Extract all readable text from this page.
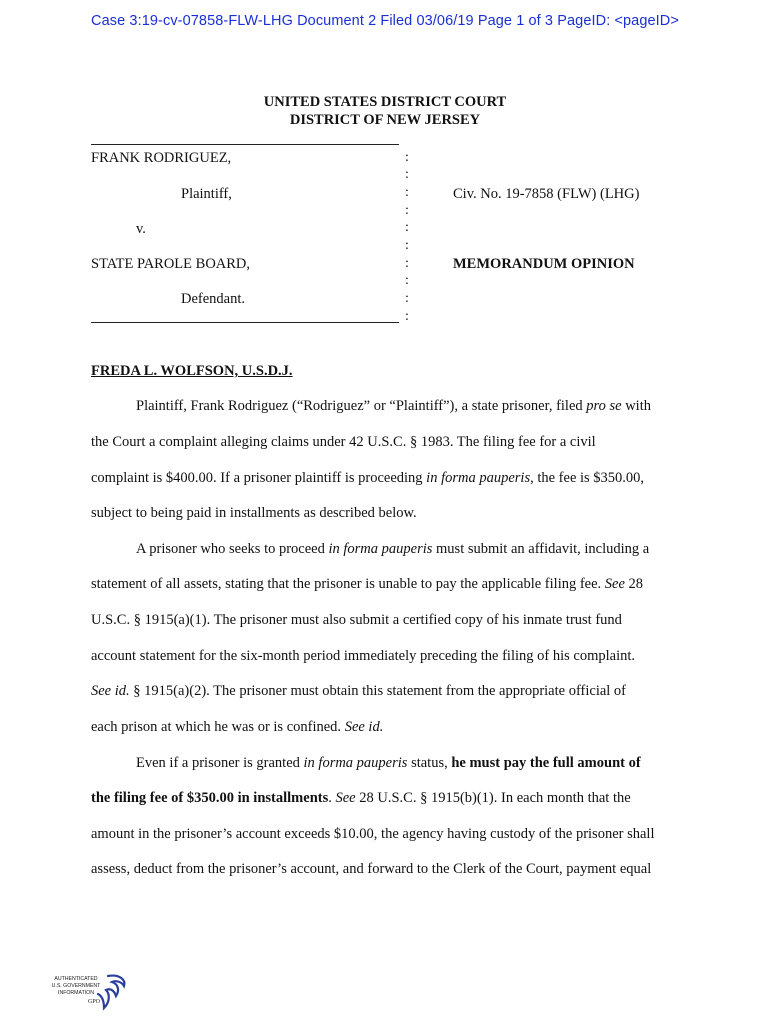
Case 3:19-cv-07858-FLW-LHG Document 2 Filed 03/06/19 Page 1 of 3 PageID: <pageID>
UNITED STATES DISTRICT COURT
DISTRICT OF NEW JERSEY
FRANK RODRIGUEZ,
Plaintiff,
v.
STATE PAROLE BOARD,
Defendant.
:
:
:
:
:
:
:
:
:
:
Civ. No. 19-7858 (FLW) (LHG)
MEMORANDUM OPINION
FREDA L. WOLFSON, U.S.D.J.
Plaintiff, Frank Rodriguez (“Rodriguez” or “Plaintiff”), a state prisoner, filed pro se with
the Court a complaint alleging claims under 42 U.S.C. § 1983. The filing fee for a civil
complaint is $400.00. If a prisoner plaintiff is proceeding in forma pauperis, the fee is $350.00,
subject to being paid in installments as described below.
A prisoner who seeks to proceed in forma pauperis must submit an affidavit, including a
statement of all assets, stating that the prisoner is unable to pay the applicable filing fee. See 28
U.S.C. § 1915(a)(1). The prisoner must also submit a certified copy of his inmate trust fund
account statement for the six-month period immediately preceding the filing of his complaint.
See id. § 1915(a)(2). The prisoner must obtain this statement from the appropriate official of
each prison at which he was or is confined. See id.
Even if a prisoner is granted in forma pauperis status, he must pay the full amount of
the filing fee of $350.00 in installments. See 28 U.S.C. § 1915(b)(1). In each month that the
amount in the prisoner’s account exceeds $10.00, the agency having custody of the prisoner shall
assess, deduct from the prisoner’s account, and forward to the Clerk of the Court, payment equal
AUTHENTICATED
U.S. GOVERNMENT
INFORMATION
GPO
